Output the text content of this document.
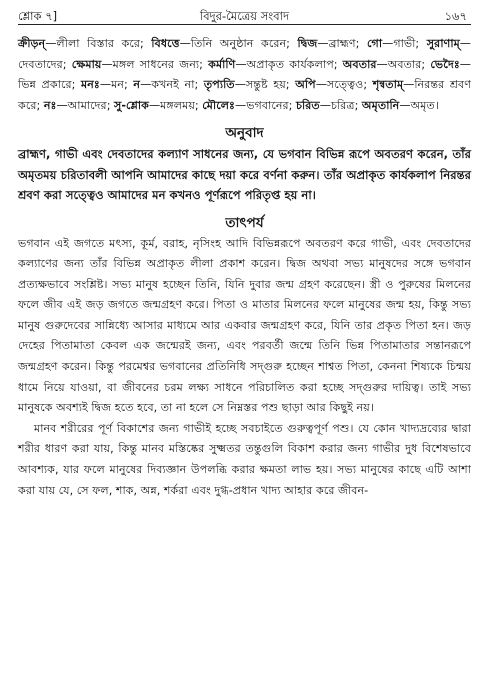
শ্লোক ৭]	বিদুর-মৈত্রেয় সংবাদ	১৬৭
ক্রীড়ন্—লীলা বিস্তার করে; বিধত্তে—তিনি অনুষ্ঠান করেন; দ্বিজ—ব্রাহ্মণ; গো—গাভী; সুরাণাম্—দেবতাদের; ক্ষেমায়—মঙ্গল সাধনের জন্য; কর্মাণি—অপ্রাকৃত কার্যকলাপ; অবতার—অবতার; ভেদৈঃ—ভিন্ন প্রকারে; মনঃ—মন; ন—কখনই না; তৃপ্যতি—সন্তুষ্ট হয়; অপি—সত্ত্বেও; শৃন্বতাম্—নিরন্তর শ্রবণ করে; নঃ—আমাদের; সু-শ্লোক—মঙ্গলময়; মৌলেঃ—ভগবানের; চরিত—চরিত্র; অমৃতানি—অমৃত।
অনুবাদ
ব্রাহ্মণ, গাভী এবং দেবতাদের কল্যাণ সাধনের জন্য, যে ভগবান বিভিন্ন রূপে অবতরণ করেন, তাঁর অমৃতময় চরিতাবলী আপনি আমাদের কাছে দয়া করে বর্ণনা করুন। তাঁর অপ্রাকৃত কার্যকলাপ নিরন্তর শ্রবণ করা সত্ত্বেও আমাদের মন কখনও পূর্ণরূপে পরিতৃপ্ত হয় না।
তাৎপর্য

ভগবান এই জগতে মৎস্য, কূর্ম, বরাহ, নৃসিংহ আদি বিভিন্নরূপে অবতরণ করে গাভী, এবং দেবতাদের কল্যাণের জন্য তাঁর বিভিন্ন অপ্রাকৃত লীলা প্রকাশ করেন। দ্বিজ অথবা সভ্য মানুষদের সঙ্গে ভগবান প্রত্যক্ষভাবে সংশ্লিষ্ট। সভ্য মানুষ হচ্ছেন তিনি, যিনি দুবার জন্ম গ্রহণ করেছেন। স্ত্রী ও পুরুষের মিলনের ফলে জীব এই জড় জগতে জন্মগ্রহণ করে। পিতা ও মাতার মিলনের ফলে মানুষের জন্ম হয়, কিন্তু সভ্য মানুষ গুরুদেবের সান্নিধ্যে আসার মাধ্যমে আর একবার জন্মগ্রহণ করে, যিনি তার প্রকৃত পিতা হন। জড় দেহের পিতামাতা কেবল এক জন্মেরই জন্য, এবং পরবর্তী জন্মে তিনি ভিন্ন পিতামাতার সন্তানরূপে জন্মগ্রহণ করেন। কিন্তু পরমেশ্বর ভগবানের প্রতিনিধি সদ্গুরু হচ্ছেন শাশ্বত পিতা, কেননা শিষ্যকে চিন্ময় ধামে নিয়ে যাওয়া, বা জীবনের চরম লক্ষ্য সাধনে পরিচালিত করা হচ্ছে সদ্গুরুর দায়িত্ব। তাই সভ্য মানুষকে অবশ্যই দ্বিজ হতে হবে, তা না হলে সে নিম্নস্তর পশু ছাড়া আর কিছুই নয়।

মানব শরীরের পূর্ণ বিকাশের জন্য গাভীই হচ্ছে সবচাইতে গুরুত্বপূর্ণ পশু। যে কোন খাদ্যদ্রব্যের দ্বারা শরীর ধারণ করা যায়, কিন্তু মানব মস্তিষ্কের সুক্ষ্মতর তন্তুগুলি বিকাশ করার জন্য গাভীর দুধ বিশেষভাবে আবশ্যক, যার ফলে মানুষের দিব্যজ্ঞান উপলব্ধি করার ক্ষমতা লাভ হয়। সভ্য মানুষের কাছে এটি আশা করা যায় যে, সে ফল, শাক, অন্ন, শর্করা এবং দুগ্ধ-প্রধান খাদ্য আহার করে জীবন-
